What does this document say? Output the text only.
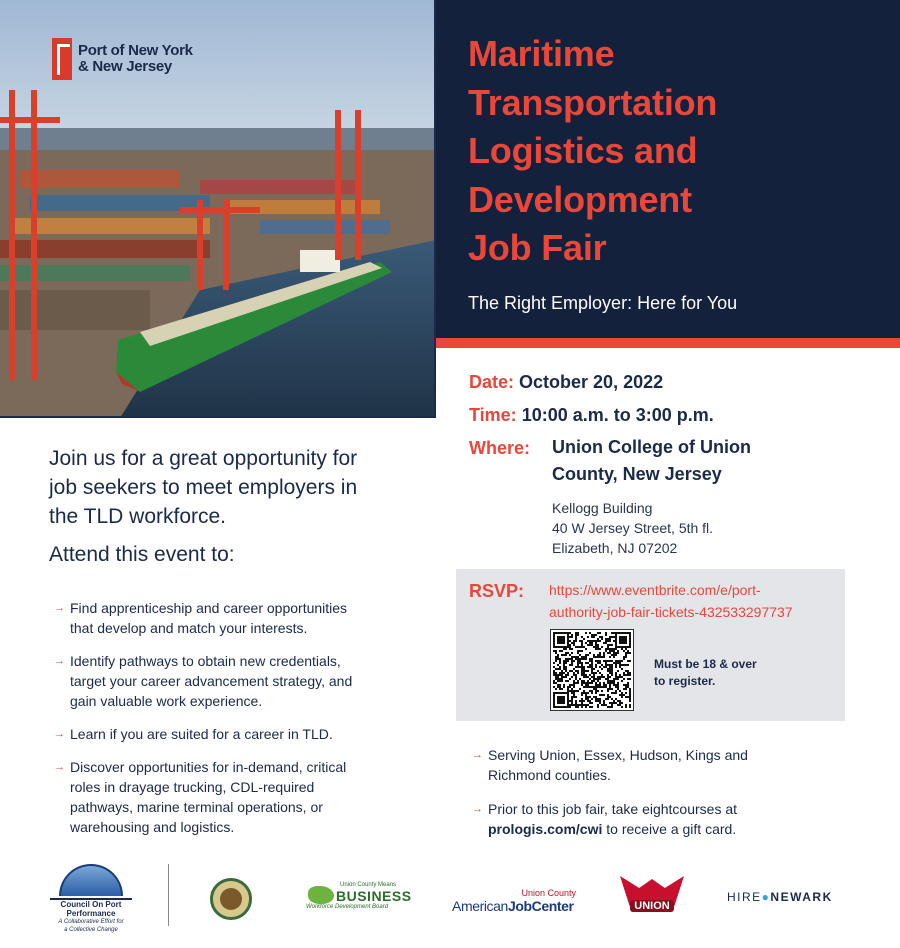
Port of New York
& New Jersey	Maritime
Transportation
Logistics and
Development
Job Fair
The Right Employer: Here for You
Date: October 20, 2022
Time: 10:00 a.m. to 3:00 p.m.
Where:	Union College of Union
County, New Jersey
Kellogg Building
40 W Jersey Street, 5th fl.
Elizabeth, NJ 07202
RSVP: https://www.eventbrite.com/e/port-
authority-job-fair-tickets-432533297737
Must be 18 & over
to register.
→ Serving Union, Essex, Hudson, Kings and
Richmond counties.
→ Prior to this job fair, take eightcourses at
prologis.com/cwi to receive a gift card.
Join us for a great opportunity for
job seekers to meet employers in
the TLD workforce.
Attend this event to:
→ Find apprenticeship and career opportunities
that develop and match your interests.
→ Identify pathways to obtain new credentials,
target your career advancement strategy, and
gain valuable work experience.
→ Learn if you are suited for a career in TLD.
→ Discover opportunities for in-demand, critical
roles in drayage trucking, CDL-required
pathways, marine terminal operations, or
warehousing and logistics.
Council On Port Performance
A Collaborative Effort for
a Collective Change
Union County Means
BUSINESS
Workforce Development Board
Union County
AmericanJobCenter	UNION
HIRE●NEWARK
